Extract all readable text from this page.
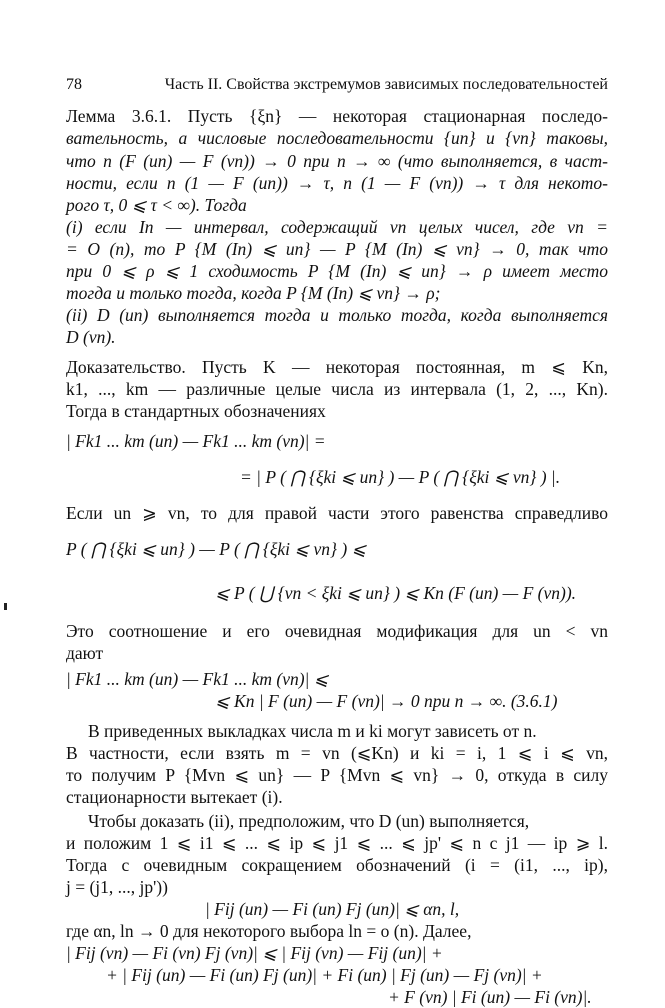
78	Часть II. Свойства экстремумов зависимых последовательностей
Лемма 3.6.1. Пусть {ξn} — некоторая стационарная последо-
вательность, а числовые последовательности {un} и {vn} таковы,
что n (F (un) — F (vn)) → 0 при n → ∞ (что выполняется, в част-
ности, если n (1 — F (un)) → τ, n (1 — F (vn)) → τ для некото-
рого τ, 0 ⩽ τ < ∞). Тогда
(i) если In — интервал, содержащий vn целых чисел, где vn =
= O (n), то P {M (In) ⩽ un} — P {M (In) ⩽ vn} → 0, так что
при 0 ⩽ ρ ⩽ 1 сходимость P {M (In) ⩽ un} → ρ имеет место
тогда и только тогда, когда P {M (In) ⩽ vn} → ρ;
(ii) D (un) выполняется тогда и только тогда, когда выполняется
D (vn).
Доказательство. Пусть K — некоторая постоянная, m ⩽ Kn,
k1, ..., km — различные целые числа из интервала (1, 2, ..., Kn).
Тогда в стандартных обозначениях
| Fk1 ... km (un) — Fk1 ... km (vn)| =
= | P ( ⋂ {ξki ⩽ un} ) — P ( ⋂ {ξki ⩽ vn} ) |.
Если un ⩾ vn, то для правой части этого равенства справедливо
P ( ⋂ {ξki ⩽ un} ) — P ( ⋂ {ξki ⩽ vn} ) ⩽
⩽ P ( ⋃ {vn < ξki ⩽ un} ) ⩽ Kn (F (un) — F (vn)).
Это соотношение и его очевидная модификация для un < vn
дают
| Fk1 ... km (un) — Fk1 ... km (vn)| ⩽
⩽ Kn | F (un) — F (vn)| → 0 при n → ∞. (3.6.1)
В приведенных выкладках числа m и ki могут зависеть от n.
В частности, если взять m = vn (⩽Kn) и ki = i, 1 ⩽ i ⩽ vn,
то получим P {Mvn ⩽ un} — P {Mvn ⩽ vn} → 0, откуда в силу
стационарности вытекает (i).
Чтобы доказать (ii), предположим, что D (un) выполняется,
и положим 1 ⩽ i1 ⩽ ... ⩽ ip ⩽ j1 ⩽ ... ⩽ jp' ⩽ n с j1 — ip ⩾ l.
Тогда с очевидным сокращением обозначений (i = (i1, ..., ip),
j = (j1, ..., jp'))
| Fij (un) — Fi (un) Fj (un)| ⩽ αn, l,
где αn, ln → 0 для некоторого выбора ln = o (n). Далее,
| Fij (vn) — Fi (vn) Fj (vn)| ⩽ | Fij (vn) — Fij (un)| +
+ | Fij (un) — Fi (un) Fj (un)| + Fi (un) | Fj (un) — Fj (vn)| +
+ F (vn) | Fi (un) — Fi (vn)|.
